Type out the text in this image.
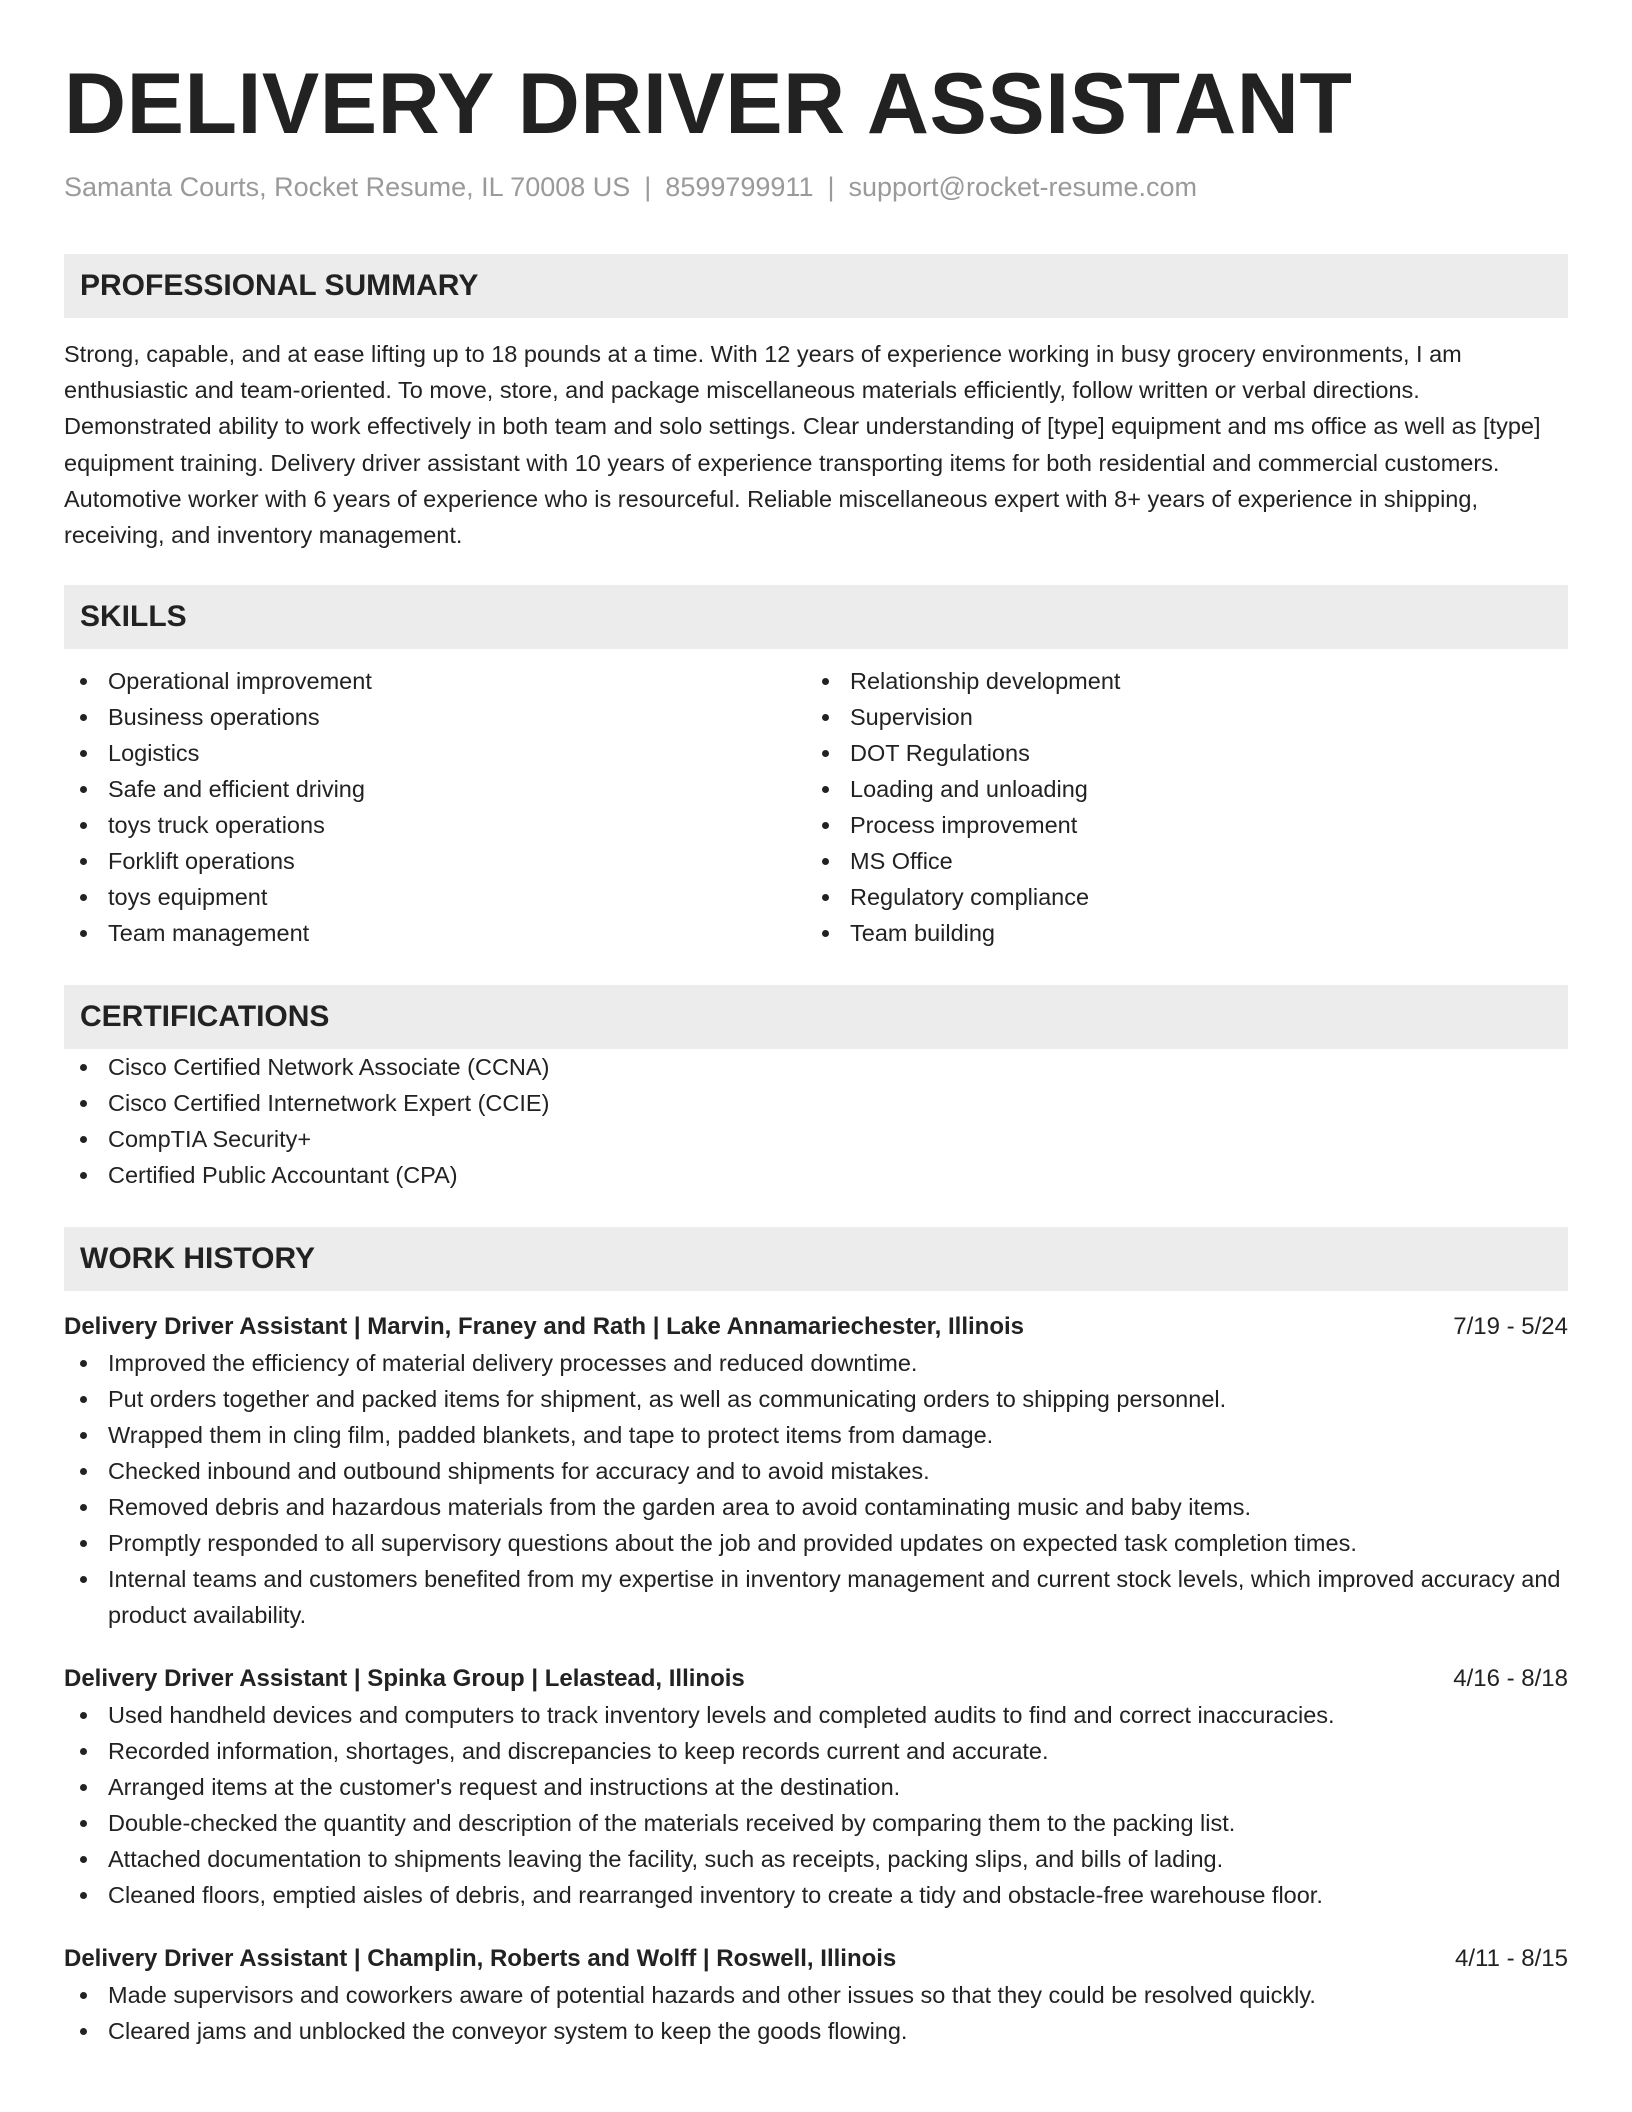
DELIVERY DRIVER ASSISTANT
Samanta Courts, Rocket Resume, IL 70008 US | 8599799911 | support@rocket-resume.com
PROFESSIONAL SUMMARY

Strong, capable, and at ease lifting up to 18 pounds at a time. With 12 years of experience working in busy grocery environments, I am enthusiastic and team-oriented. To move, store, and package miscellaneous materials efficiently, follow written or verbal directions. Demonstrated ability to work effectively in both team and solo settings. Clear understanding of [type] equipment and ms office as well as [type] equipment training. Delivery driver assistant with 10 years of experience transporting items for both residential and commercial customers. Automotive worker with 6 years of experience who is resourceful. Reliable miscellaneous expert with 8+ years of experience in shipping, receiving, and inventory management.

SKILLS
Operational improvement
Business operations
Logistics
Safe and efficient driving
toys truck operations
Forklift operations
toys equipment
Team management
Relationship development
Supervision
DOT Regulations
Loading and unloading
Process improvement
MS Office
Regulatory compliance
Team building
CERTIFICATIONS
Cisco Certified Network Associate (CCNA)
Cisco Certified Internetwork Expert (CCIE)
CompTIA Security+
Certified Public Accountant (CPA)
WORK HISTORY
Delivery Driver Assistant | Marvin, Franey and Rath | Lake Annamariechester, Illinois	7/19 - 5/24
Improved the efficiency of material delivery processes and reduced downtime.
Put orders together and packed items for shipment, as well as communicating orders to shipping personnel.
Wrapped them in cling film, padded blankets, and tape to protect items from damage.
Checked inbound and outbound shipments for accuracy and to avoid mistakes.
Removed debris and hazardous materials from the garden area to avoid contaminating music and baby items.
Promptly responded to all supervisory questions about the job and provided updates on expected task completion times.
Internal teams and customers benefited from my expertise in inventory management and current stock levels, which improved accuracy and product availability.
Delivery Driver Assistant | Spinka Group | Lelastead, Illinois	4/16 - 8/18
Used handheld devices and computers to track inventory levels and completed audits to find and correct inaccuracies.
Recorded information, shortages, and discrepancies to keep records current and accurate.
Arranged items at the customer's request and instructions at the destination.
Double-checked the quantity and description of the materials received by comparing them to the packing list.
Attached documentation to shipments leaving the facility, such as receipts, packing slips, and bills of lading.
Cleaned floors, emptied aisles of debris, and rearranged inventory to create a tidy and obstacle-free warehouse floor.
Delivery Driver Assistant | Champlin, Roberts and Wolff | Roswell, Illinois	4/11 - 8/15
Made supervisors and coworkers aware of potential hazards and other issues so that they could be resolved quickly.
Cleared jams and unblocked the conveyor system to keep the goods flowing.
